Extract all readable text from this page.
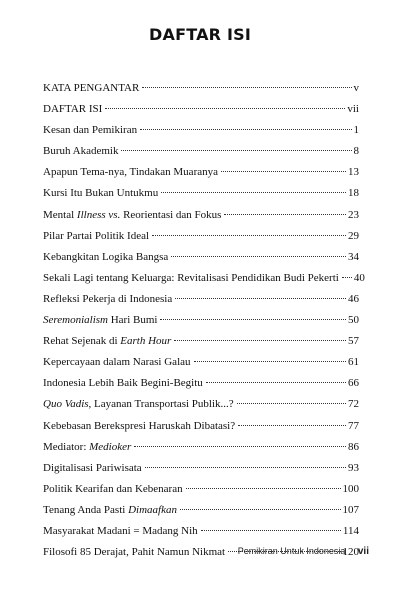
DAFTAR ISI
KATA PENGANTAR	v
DAFTAR ISI	vii
Kesan dan Pemikiran	1
Buruh Akademik	8
Apapun Tema-nya, Tindakan Muaranya	13
Kursi Itu Bukan Untukmu	18
Mental Illness vs. Reorientasi dan Fokus	23
Pilar Partai Politik Ideal	29
Kebangkitan Logika Bangsa	34
Sekali Lagi tentang Keluarga: Revitalisasi Pendidikan Budi Pekerti 40
Refleksi Pekerja di Indonesia	46
Seremonialism Hari Bumi	50
Rehat Sejenak di Earth Hour	57
Kepercayaan dalam Narasi Galau	61
Indonesia Lebih Baik Begini-Begitu	66
Quo Vadis, Layanan Transportasi Publik...?	72
Kebebasan Berekspresi Haruskah Dibatasi?	77
Mediator: Medioker	86
Digitalisasi Pariwisata	93
Politik Kearifan dan Kebenaran	100
Tenang Anda Pasti Dimaafkan	107
Masyarakat Madani = Madang Nih	114
Filosofi 85 Derajat, Pahit Namun Nikmat	120
Pemikiran Untuk Indonesia vii
